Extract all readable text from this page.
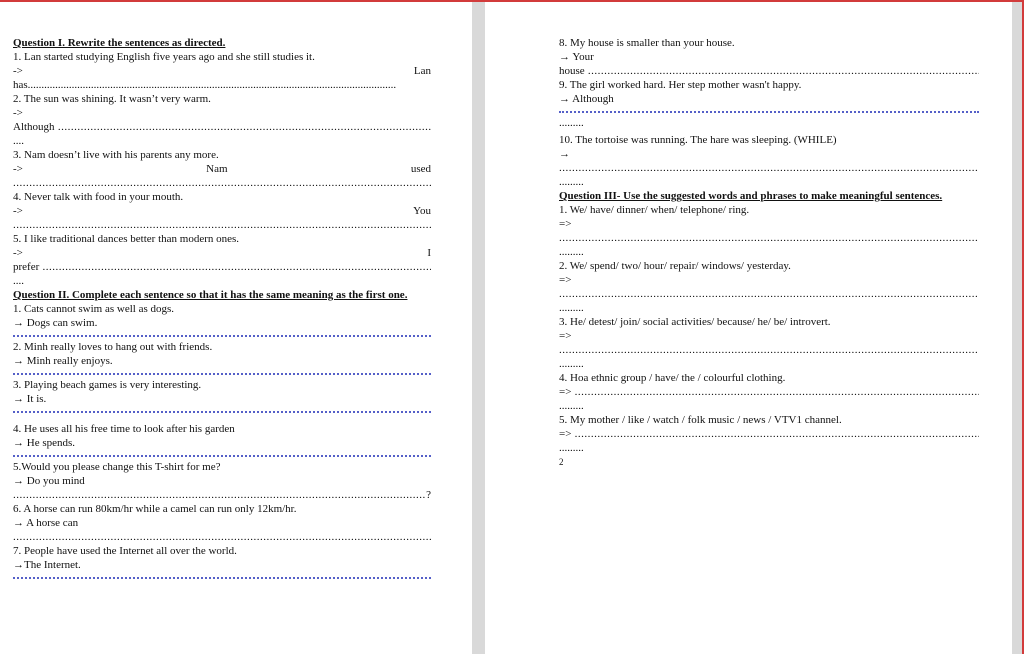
Question I. Rewrite the sentences as directed.
1. Lan started studying English five years ago and she still studies it.
->	Lan
has......................................................................................................................................
2. The sun was shining. It wasn’t very warm.
->
Although .....
....
3. Nam doesn’t live with his parents any more.
->	Nam	used
.....
4. Never talk with food in your mouth.
->	You
.....
5. I like traditional dances better than modern ones.
->	I
prefer .....
....
Question II. Complete each sentence so that it has the same meaning as the first one.
1. Cats cannot swim as well as dogs.
→ Dogs can swim.
2. Minh really loves to hang out with friends.
→ Minh really enjoys.
3. Playing beach games is very interesting.
→ It is.
4. He uses all his free time to look after his garden
→ He spends.
5.Would you please change this T-shirt for me?
→ Do you mind
.....
?
6. A horse can run 80km/hr while a camel can run only 12km/hr.
→ A horse can
.....
7. People have used the Internet all over the world.
→The Internet.
8. My house is smaller than your house.
→ Your
house .....
9. The girl worked hard. Her step mother wasn't happy.
→ Although
.........
10. The tortoise was running. The hare was sleeping. (WHILE)
→
.....
.........
Question III- Use the suggested words and phrases to make meaningful sentences.
1. We/ have/ dinner/ when/ telephone/ ring.
=>
.....
.........
2. We/ spend/ two/ hour/ repair/ windows/ yesterday.
=>
.....
.........
3. He/ detest/ join/ social activities/ because/ he/ be/ introvert.
=>
.....
.........
4. Hoa ethnic group / have/ the / colourful clothing.
=> .....
.........
5. My mother / like / watch / folk music / news / VTV1 channel.
=> .....
.........
2
